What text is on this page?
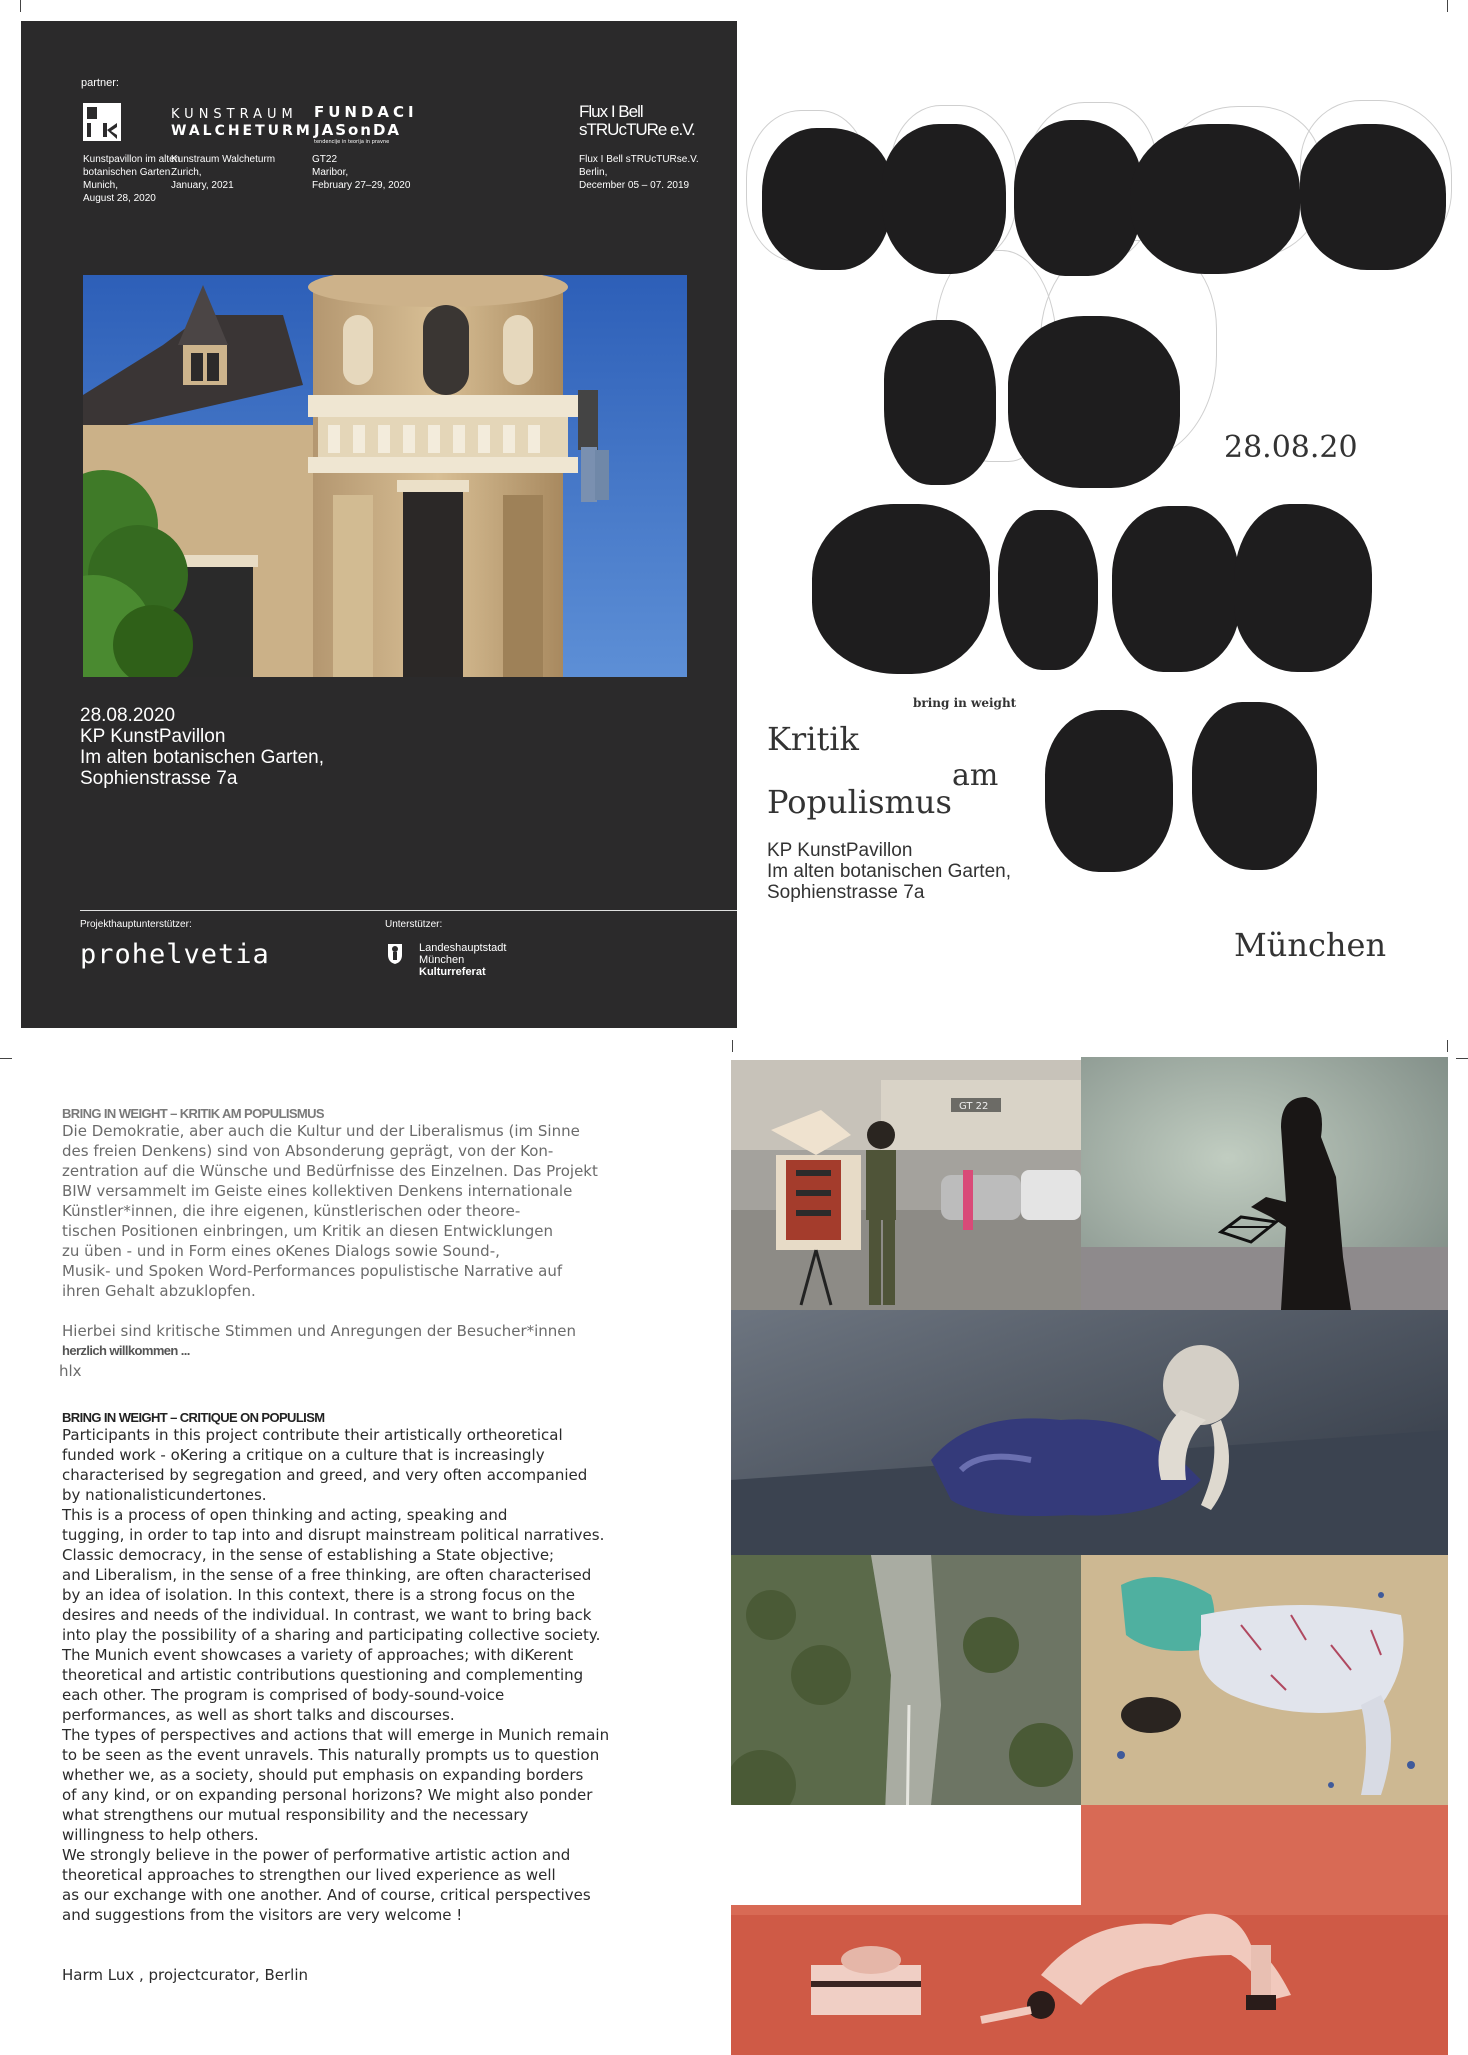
partner:
Kunstpavillon im alten
botanischen Garten
Munich,
August 28, 2020
KUNSTRAUM
WALCHETURM
Kunstraum Walcheturm
Zurich,
January, 2021
FUNDACI
JASonDA
tendencije in teorija in pravne
GT22
Maribor,
February 27–29, 2020
Flux I Bell
sTRUcTURe e.V.
Flux I Bell sTRUcTURse.V.
Berlin,
December 05 – 07. 2019
28.08.2020
KP KunstPavillon
Im alten botanischen Garten,
Sophienstrasse 7a
Projekthauptunterstützer:
prohelvetia
Unterstützer:
Landeshauptstadt
München
Kulturreferat
28.08.20
bring in weight
Kritik
am
Populismus
KP KunstPavillon
Im alten botanischen Garten,
Sophienstrasse 7a
München
BRING IN WEIGHT – KRITIK AM POPULISMUS
Die Demokratie, aber auch die Kultur und der Liberalismus (im Sinne
des freien Denkens) sind von Absonderung geprägt, von der Kon-
zentration auf die Wünsche und Bedürfnisse des Einzelnen. Das Projekt
BIW versammelt im Geiste eines kollektiven Denkens internationale
Künstler*innen, die ihre eigenen, künstlerischen oder theore-
tischen Positionen einbringen, um Kritik an diesen Entwicklungen
zu üben - und in Form eines oKenes Dialogs sowie Sound-,
Musik- und Spoken Word-Performances populistische Narrative auf
ihren Gehalt abzuklopfen.
Hierbei sind kritische Stimmen und Anregungen der Besucher*innen
herzlich willkommen ...
hlx
BRING IN WEIGHT – CRITIQUE ON POPULISM
Participants in this project contribute their artistically ortheoretical
funded work - oKering a critique on a culture that is increasingly
characterised by segregation and greed, and very often accompanied
by nationalisticundertones.
This is a process of open thinking and acting, speaking and
tugging, in order to tap into and disrupt mainstream political narratives.
Classic democracy, in the sense of establishing a State objective;
and Liberalism, in the sense of a free thinking, are often characterised
by an idea of isolation. In this context, there is a strong focus on the
desires and needs of the individual. In contrast, we want to bring back
into play the possibility of a sharing and participating collective society.
The Munich event showcases a variety of approaches; with diKerent
theoretical and artistic contributions questioning and complementing
each other. The program is comprised of body-sound-voice
performances, as well as short talks and discourses.
The types of perspectives and actions that will emerge in Munich remain
to be seen as the event unravels. This naturally prompts us to question
whether we, as a society, should put emphasis on expanding borders
of any kind, or on expanding personal horizons? We might also ponder
what strengthens our mutual responsibility and the necessary
willingness to help others.
We strongly believe in the power of performative artistic action and
theoretical approaches to strengthen our lived experience as well
as our exchange with one another. And of course, critical perspectives
and suggestions from the visitors are very welcome !
Harm Lux , projectcurator, Berlin
GT 22
